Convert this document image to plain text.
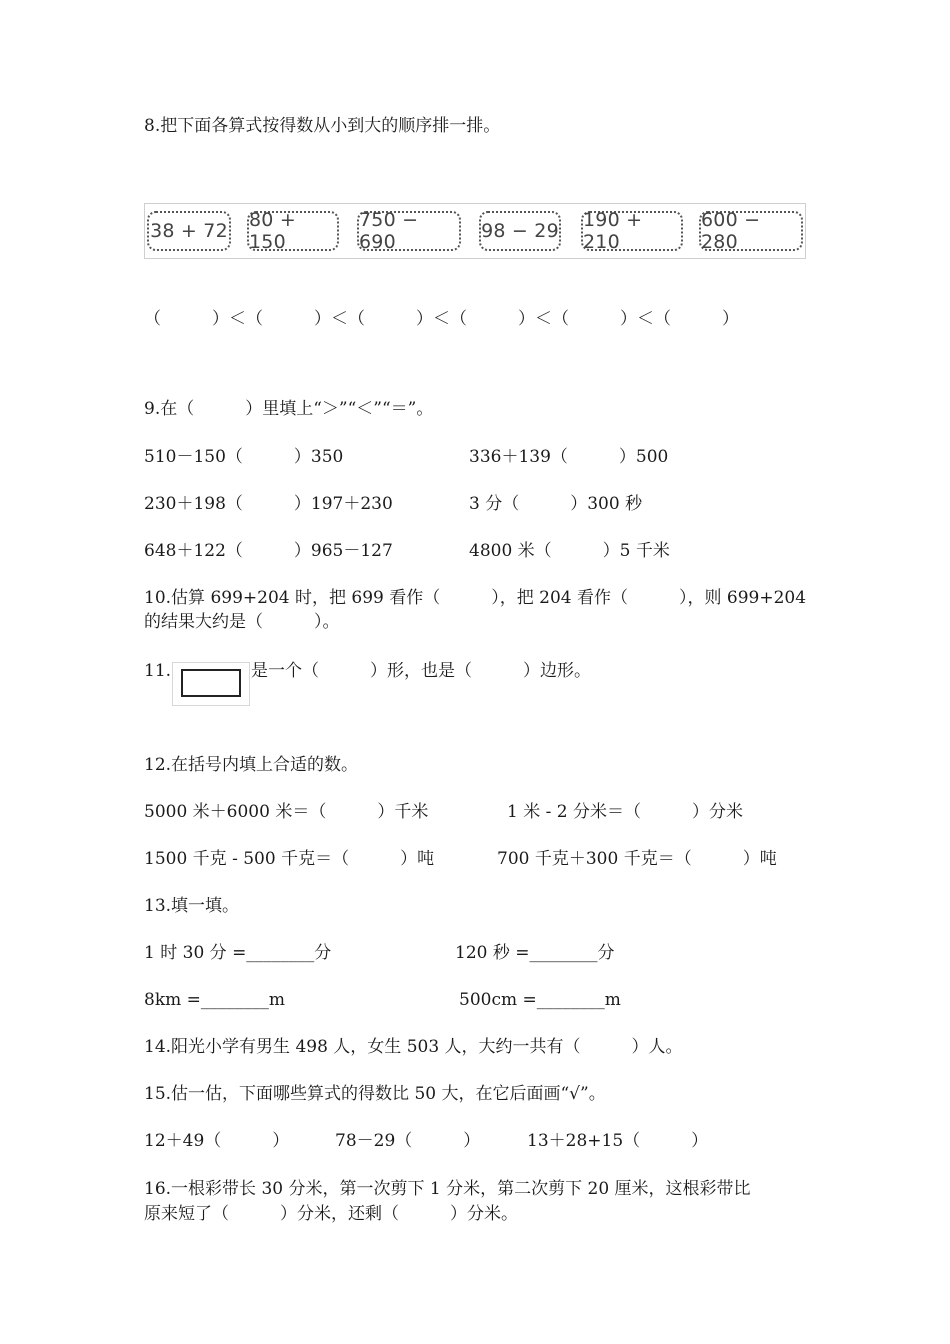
8.把下面各算式按得数从小到大的顺序排一排。
38 + 72 80 + 150
750 − 690	98 − 29 190 + 210
600 − 280
（　　　）＜（　　　）＜（　　　）＜（　　　）＜（　　　）＜（　　　）
9.在（　　　）里填上“＞”“＜”“＝”。
510－150（　　　）350	336＋139（　　　）500
230＋198（　　　）197＋230	3 分（　　　）300 秒
648＋122（　　　）965－127	4800 米（　　　）5 千米
10.估算 699+204 时，把 699 看作（　　　），把 204 看作（　　　），则 699+204
的结果大约是（　　　）。
11.	是一个（　　　）形，也是（　　　）边形。
12.在括号内填上合适的数。
5000 米＋6000 米＝（　　　）千米	1 米 - 2 分米＝（　　　）分米
1500 千克 - 500 千克＝（　　　）吨	700 千克＋300 千克＝（　　　）吨
13.填一填。
1 时 30 分 =________分	120 秒 =________分
8km =________m	500cm =________m
14.阳光小学有男生 498 人，女生 503 人，大约一共有（　　　）人。
15.估一估，下面哪些算式的得数比 50 大，在它后面画“√”。
12＋49（　　　）	78－29（　　　）	13＋28+15（　　　）
16.一根彩带长 30 分米，第一次剪下 1 分米，第二次剪下 20 厘米，这根彩带比
原来短了（　　　）分米，还剩（　　　）分米。
